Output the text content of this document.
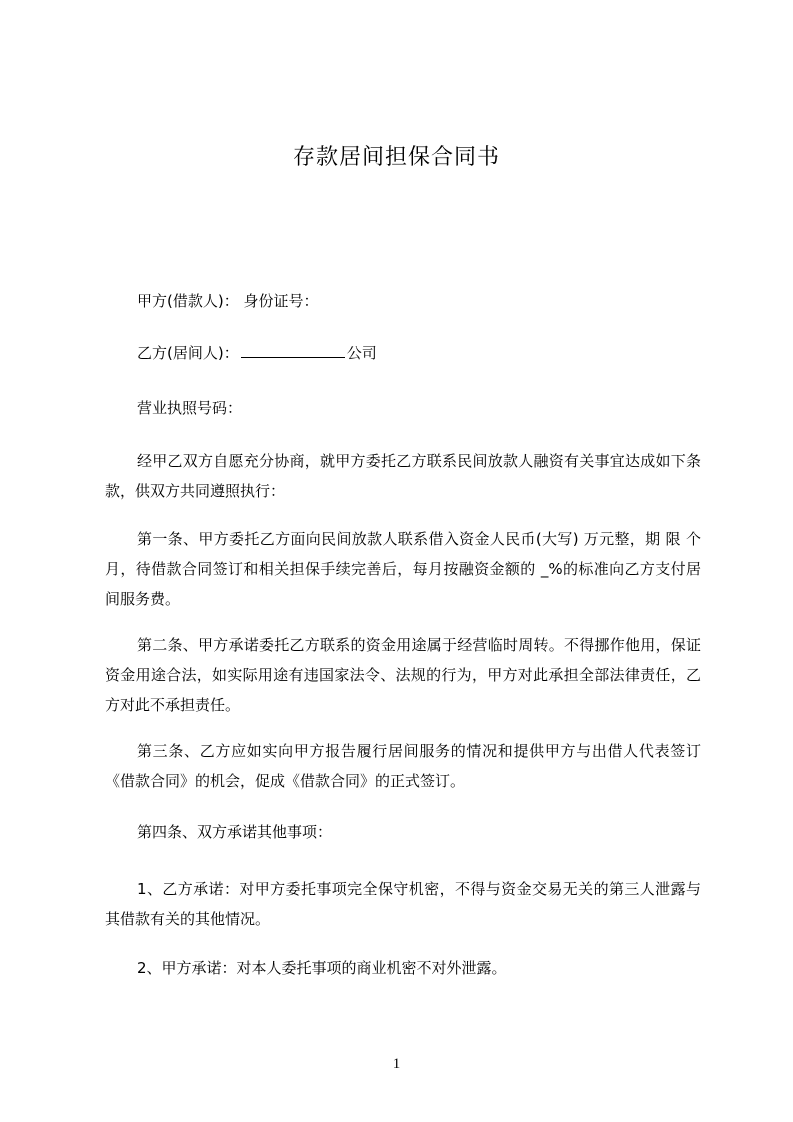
存款居间担保合同书
甲方(借款人)： 身份证号：
乙方(居间人)：	公司
营业执照号码：
经甲乙双方自愿充分协商，就甲方委托乙方联系民间放款人融资有关事宜达成如下条款，供双方共同遵照执行：
第一条、甲方委托乙方面向民间放款人联系借入资金人民币(大写) 万元整，期 限 个月，待借款合同签订和相关担保手续完善后，每月按融资金额的 _%的标准向乙方支付居间服务费。
第二条、甲方承诺委托乙方联系的资金用途属于经营临时周转。不得挪作他用，保证资金用途合法，如实际用途有违国家法令、法规的行为，甲方对此承担全部法律责任，乙方对此不承担责任。
第三条、乙方应如实向甲方报告履行居间服务的情况和提供甲方与出借人代表签订《借款合同》的机会，促成《借款合同》的正式签订。
第四条、双方承诺其他事项：
1、乙方承诺：对甲方委托事项完全保守机密，不得与资金交易无关的第三人泄露与其借款有关的其他情况。
2、甲方承诺：对本人委托事项的商业机密不对外泄露。
1
